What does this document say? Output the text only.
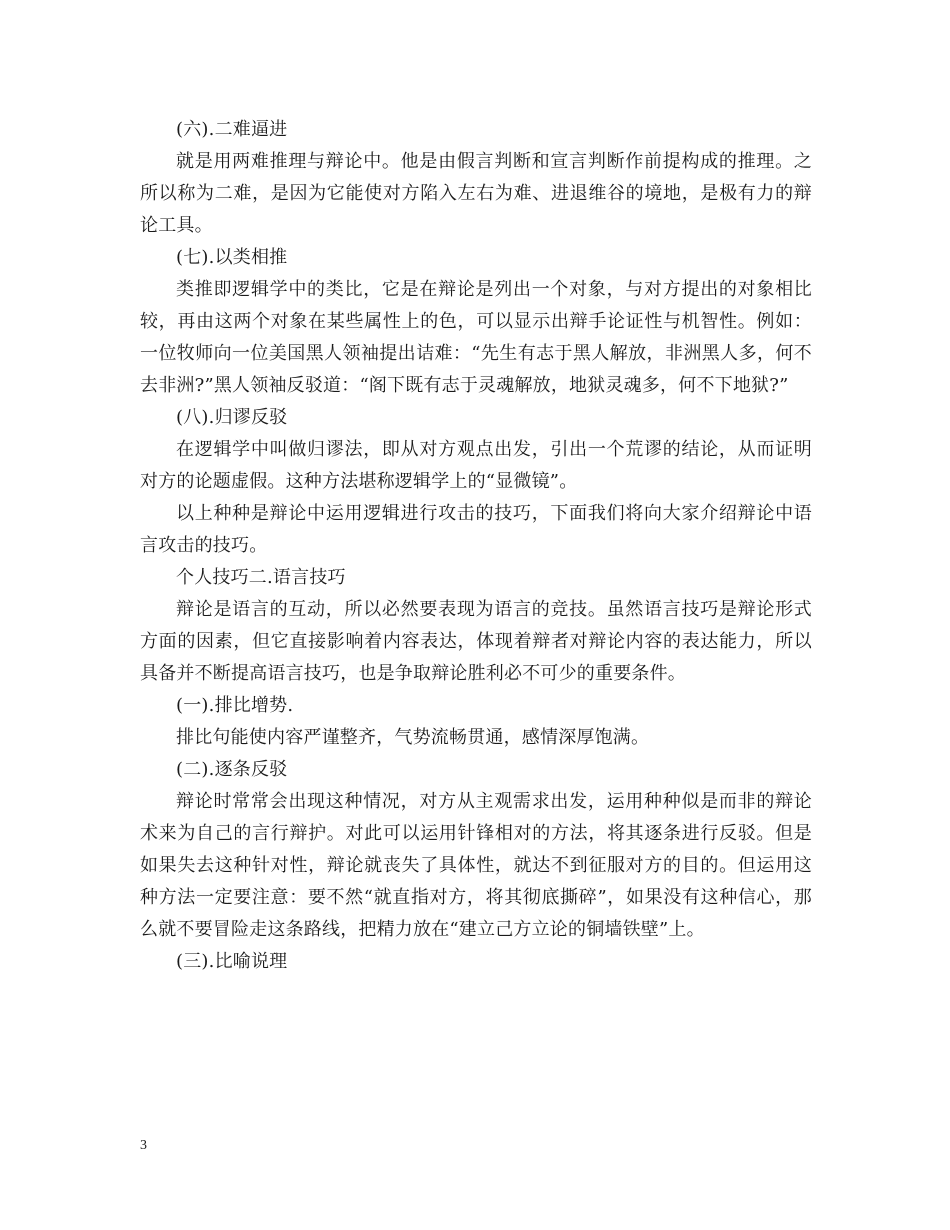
(六).二难逼进

就是用两难推理与辩论中。他是由假言判断和宣言判断作前提构成的推理。之所以称为二难，是因为它能使对方陷入左右为难、进退维谷的境地，是极有力的辩论工具。

(七).以类相推

类推即逻辑学中的类比，它是在辩论是列出一个对象，与对方提出的对象相比较，再由这两个对象在某些属性上的色，可以显示出辩手论证性与机智性。例如：一位牧师向一位美国黑人领袖提出诘难：“先生有志于黑人解放，非洲黑人多，何不去非洲?”黑人领袖反驳道：“阁下既有志于灵魂解放，地狱灵魂多，何不下地狱?”

(八).归谬反驳

在逻辑学中叫做归谬法，即从对方观点出发，引出一个荒谬的结论，从而证明对方的论题虚假。这种方法堪称逻辑学上的“显微镜”。

以上种种是辩论中运用逻辑进行攻击的技巧，下面我们将向大家介绍辩论中语言攻击的技巧。

个人技巧二.语言技巧

辩论是语言的互动，所以必然要表现为语言的竞技。虽然语言技巧是辩论形式方面的因素，但它直接影响着内容表达，体现着辩者对辩论内容的表达能力，所以具备并不断提高语言技巧，也是争取辩论胜利必不可少的重要条件。

(一).排比增势.

排比句能使内容严谨整齐，气势流畅贯通，感情深厚饱满。

(二).逐条反驳

辩论时常常会出现这种情况，对方从主观需求出发，运用种种似是而非的辩论术来为自己的言行辩护。对此可以运用针锋相对的方法，将其逐条进行反驳。但是如果失去这种针对性，辩论就丧失了具体性，就达不到征服对方的目的。但运用这种方法一定要注意：要不然“就直指对方，将其彻底撕碎”，如果没有这种信心，那么就不要冒险走这条路线，把精力放在“建立己方立论的铜墙铁壁”上。

(三).比喻说理

3
